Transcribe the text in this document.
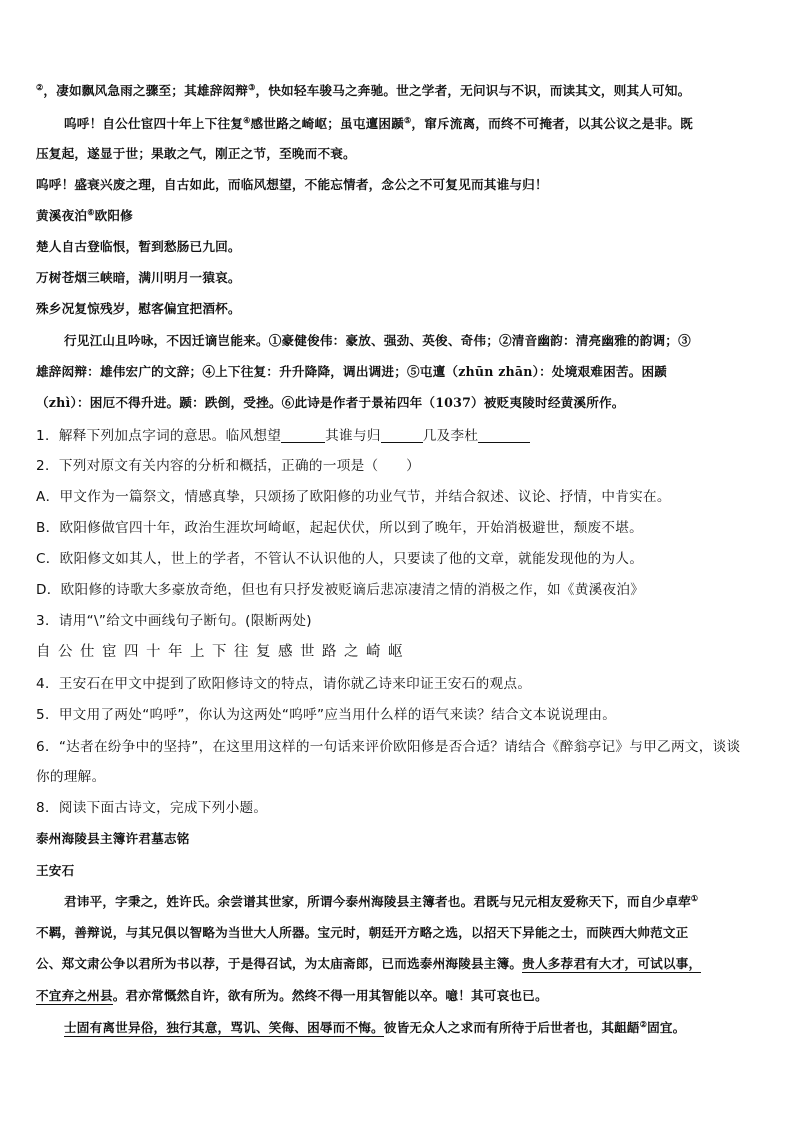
②，凄如飘风急雨之骤至；其雄辞闳辩③，快如轻车骏马之奔驰。世之学者，无问识与不识，而读其文，则其人可知。
呜呼！自公仕宦四十年上下往复④感世路之崎岖；虽屯邅困踬⑤，窜斥流离，而终不可掩者，以其公议之是非。既
压复起，遂显于世；果敢之气，刚正之节，至晚而不衰。
呜呼！盛衰兴废之理，自古如此，而临风想望，不能忘情者，念公之不可复见而其谁与归！
黄溪夜泊⑥欧阳修
楚人自古登临恨，暂到愁肠已九回。
万树苍烟三峡暗，满川明月一猿哀。
殊乡况复惊残岁，慰客偏宜把酒杯。
行见江山且吟咏，不因迁谪岂能来。①豪健俊伟：豪放、强劲、英俊、奇伟；②清音幽韵：清亮幽雅的韵调；③
雄辞闳辩：雄伟宏广的文辞；④上下往复：升升降降，调出调进；⑤屯邅（zhūn zhān）：处境艰难困苦。困踬
（zhì）：困厄不得升进。踬：跌倒，受挫。⑥此诗是作者于景祐四年（1037）被贬夷陵时经黄溪所作。
1．解释下列加点字词的意思。临风想望	其谁与归	几及李杜
2．下列对原文有关内容的分析和概括，正确的一项是（　　）
A．甲文作为一篇祭文，情感真挚，只颂扬了欧阳修的功业气节，并结合叙述、议论、抒情，中肯实在。
B．欧阳修做官四十年，政治生涯坎坷崎岖，起起伏伏，所以到了晚年，开始消极避世，颓废不堪。
C．欧阳修文如其人，世上的学者，不管认不认识他的人，只要读了他的文章，就能发现他的为人。
D．欧阳修的诗歌大多豪放奇绝，但也有只抒发被贬谪后悲凉凄清之情的消极之作，如《黄溪夜泊》
3．请用“\”给文中画线句子断句。(限断两处)
自公仕宦四十年上下往复感世路之崎岖
4．王安石在甲文中提到了欧阳修诗文的特点，请你就乙诗来印证王安石的观点。
5．甲文用了两处“呜呼”，你认为这两处“呜呼”应当用什么样的语气来读？结合文本说说理由。
6．“达者在纷争中的坚持”，在这里用这样的一句话来评价欧阳修是否合适？请结合《醉翁亭记》与甲乙两文，谈谈
你的理解。
8．阅读下面古诗文，完成下列小题。
泰州海陵县主簿许君墓志铭
王安石
君讳平，字秉之，姓许氏。余尝谱其世家，所谓今泰州海陵县主簿者也。君既与兄元相友爱称天下，而自少卓荦①
不羁，善辩说，与其兄俱以智略为当世大人所器。宝元时，朝廷开方略之选，以招天下异能之士，而陕西大帅范文正
公、郑文肃公争以君所为书以荐，于是得召试，为太庙斋郎，已而选泰州海陵县主簿。贵人多荐君有大才，可试以事，
不宜弃之州县。君亦常慨然自许，欲有所为。然终不得一用其智能以卒。噫！其可哀也已。
士固有离世异俗，独行其意，骂讥、笑侮、困辱而不悔。彼皆无众人之求而有所待于后世者也，其龃龉②固宜。
